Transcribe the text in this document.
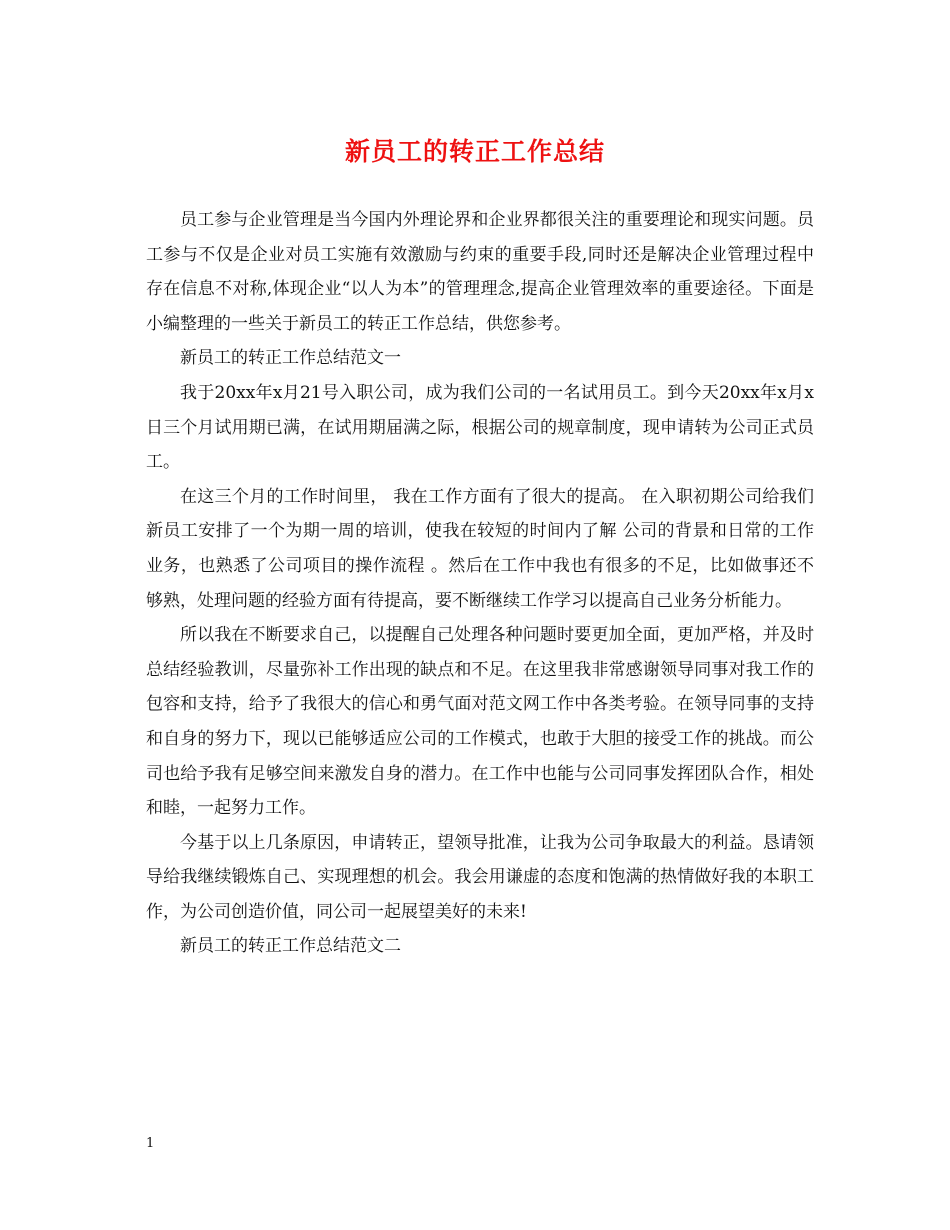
新员工的转正工作总结

员工参与企业管理是当今国内外理论界和企业界都很关注的重要理论和现实问题。员工参与不仅是企业对员工实施有效激励与约束的重要手段,同时还是解决企业管理过程中存在信息不对称,体现企业“以人为本”的管理理念,提高企业管理效率的重要途径。下面是小编整理的一些关于新员工的转正工作总结，供您参考。

新员工的转正工作总结范文一

我于20xx年x月21号入职公司，成为我们公司的一名试用员工。到今天20xx年x月x日三个月试用期已满，在试用期届满之际，根据公司的规章制度，现申请转为公司正式员工。

在这三个月的工作时间里， 我在工作方面有了很大的提高。 在入职初期公司给我们新员工安排了一个为期一周的培训，使我在较短的时间内了解 公司的背景和日常的工作业务，也熟悉了公司项目的操作流程 。然后在工作中我也有很多的不足，比如做事还不够熟，处理问题的经验方面有待提高，要不断继续工作学习以提高自己业务分析能力。

所以我在不断要求自己，以提醒自己处理各种问题时要更加全面，更加严格，并及时总结经验教训，尽量弥补工作出现的缺点和不足。在这里我非常感谢领导同事对我工作的包容和支持，给予了我很大的信心和勇气面对范文网工作中各类考验。在领导同事的支持和自身的努力下，现以已能够适应公司的工作模式，也敢于大胆的接受工作的挑战。而公司也给予我有足够空间来激发自身的潜力。在工作中也能与公司同事发挥团队合作，相处和睦，一起努力工作。

今基于以上几条原因，申请转正，望领导批准，让我为公司争取最大的利益。恳请领导给我继续锻炼自己、实现理想的机会。我会用谦虚的态度和饱满的热情做好我的本职工作，为公司创造价值，同公司一起展望美好的未来!

新员工的转正工作总结范文二

1
